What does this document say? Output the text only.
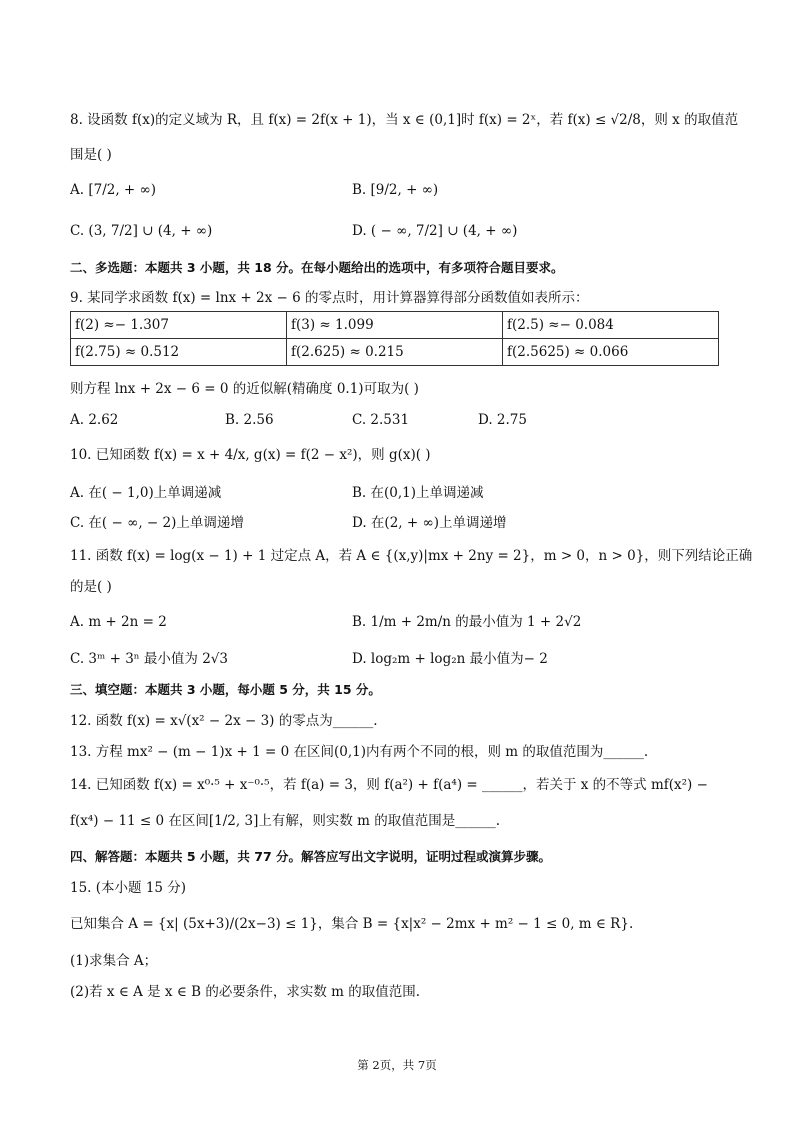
8. 设函数 f(x)的定义域为 R，且 f(x) = 2f(x + 1)，当 x ∈ (0,1]时 f(x) = 2ˣ，若 f(x) ≤ √2/8，则 x 的取值范
围是( )
A. [7/2, + ∞)	B. [9/2, + ∞)
C. (3, 7/2] ∪ (4, + ∞)	D. ( − ∞, 7/2] ∪ (4, + ∞)
二、多选题：本题共 3 小题，共 18 分。在每小题给出的选项中，有多项符合题目要求。
9. 某同学求函数 f(x) = lnx + 2x − 6 的零点时，用计算器算得部分函数值如表所示：
f(2) ≈− 1.307	f(3) ≈ 1.099	f(2.5) ≈− 0.084
f(2.75) ≈ 0.512	f(2.625) ≈ 0.215	f(2.5625) ≈ 0.066
则方程 lnx + 2x − 6 = 0 的近似解(精确度 0.1)可取为( )
A. 2.62	B. 2.56	C. 2.531	D. 2.75
10. 已知函数 f(x) = x + 4/x, g(x) = f(2 − x²)，则 g(x)( )
A. 在( − 1,0)上单调递减	B. 在(0,1)上单调递减
C. 在( − ∞, − 2)上单调递增	D. 在(2, + ∞)上单调递增
11. 函数 f(x) = log(x − 1) + 1 过定点 A，若 A ∈ {(x,y)|mx + 2ny = 2}，m > 0，n > 0}，则下列结论正确
的是( )
A. m + 2n = 2	B. 1/m + 2m/n 的最小值为 1 + 2√2
C. 3ᵐ + 3ⁿ 最小值为 2√3	D. log₂m + log₂n 最小值为− 2
三、填空题：本题共 3 小题，每小题 5 分，共 15 分。
12. 函数 f(x) = x√(x² − 2x − 3) 的零点为______.
13. 方程 mx² − (m − 1)x + 1 = 0 在区间(0,1)内有两个不同的根，则 m 的取值范围为______.
14. 已知函数 f(x) = x⁰·⁵ + x⁻⁰·⁵，若 f(a) = 3，则 f(a²) + f(a⁴) = ______，若关于 x 的不等式 mf(x²) −
f(x⁴) − 11 ≤ 0 在区间[1/2, 3]上有解，则实数 m 的取值范围是______.
四、解答题：本题共 5 小题，共 77 分。解答应写出文字说明，证明过程或演算步骤。
15. (本小题 15 分)
已知集合 A = {x| (5x+3)/(2x−3) ≤ 1}，集合 B = {x|x² − 2mx + m² − 1 ≤ 0, m ∈ R}.
(1)求集合 A；
(2)若 x ∈ A 是 x ∈ B 的必要条件，求实数 m 的取值范围.
第 2页，共 7页
